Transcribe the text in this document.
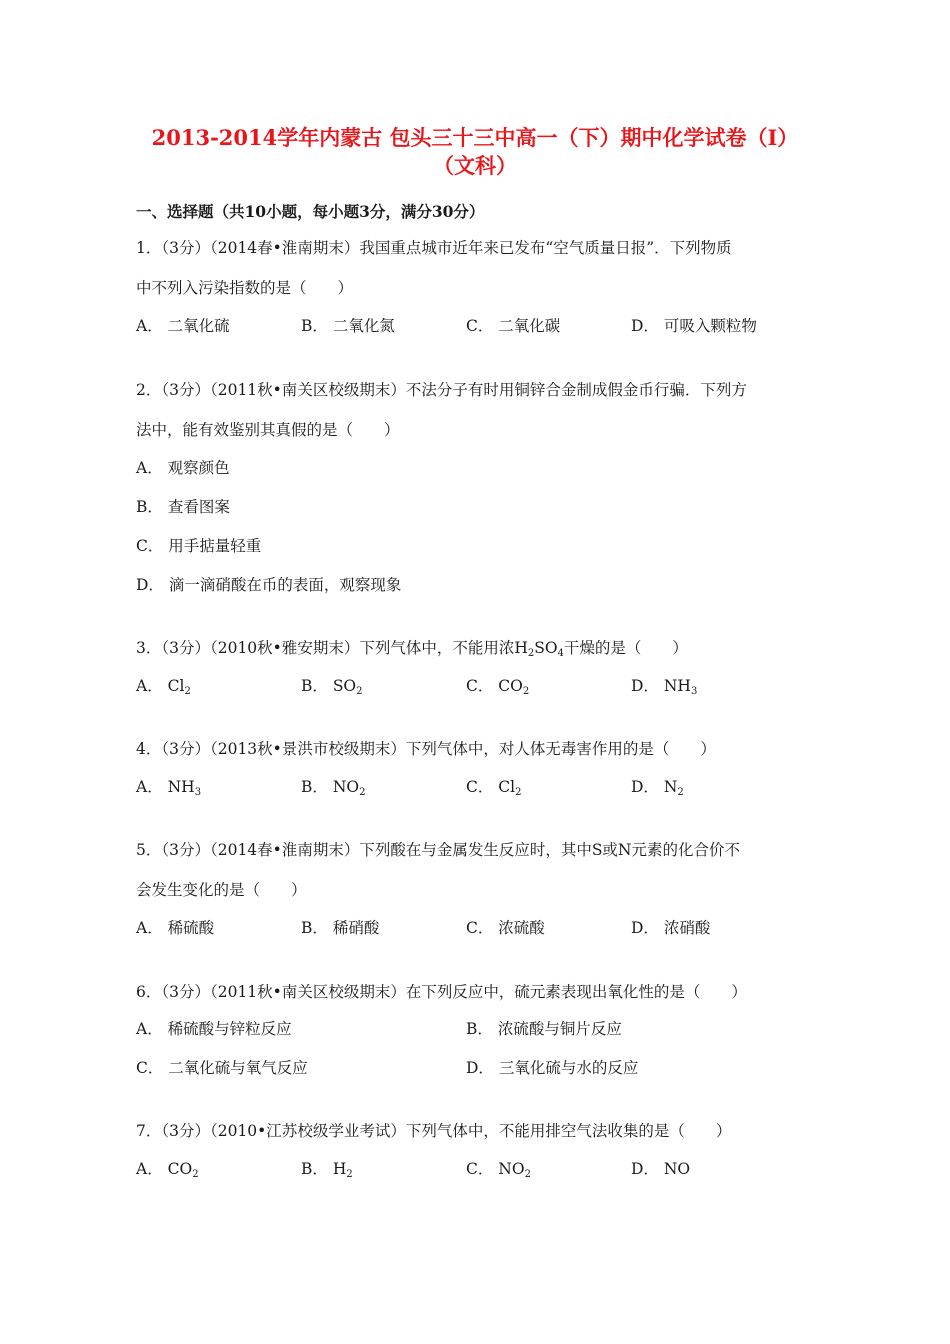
2013-2014学年内蒙古 包头三十三中高一（下）期中化学试卷（Ⅰ）
（文科）
一、选择题（共10小题，每小题3分，满分30分）
1．（3分）（2014春•淮南期末）我国重点城市近年来已发布“空气质量日报”．下列物质
中不列入污染指数的是（　　）
A． 二氧化硫	B． 二氧化氮	C． 二氧化碳	D． 可吸入颗粒物
2．（3分）（2011秋•南关区校级期末）不法分子有时用铜锌合金制成假金币行骗．下列方
法中，能有效鉴别其真假的是（　　）
A． 观察颜色
B． 查看图案
C． 用手掂量轻重
D． 滴一滴硝酸在币的表面，观察现象
3．（3分）（2010秋•雅安期末）下列气体中，不能用浓$H_2SO_4$干燥的是（　　）
A． $Cl_2$	B． $SO_2$	C． $CO_2$	D． $NH_3$
4．（3分）（2013秋•景洪市校级期末）下列气体中，对人体无毒害作用的是（　　）
A． $NH_3$	B． $NO_2$	C． $Cl_2$	D． $N_2$
5．（3分）（2014春•淮南期末）下列酸在与金属发生反应时，其中S或N元素的化合价不
会发生变化的是（　　）
A． 稀硫酸	B． 稀硝酸	C． 浓硫酸	D． 浓硝酸
6．（3分）（2011秋•南关区校级期末）在下列反应中，硫元素表现出氧化性的是（　　）
A． 稀硫酸与锌粒反应	B． 浓硫酸与铜片反应
C． 二氧化硫与氧气反应	D． 三氧化硫与水的反应
7．（3分）（2010•江苏校级学业考试）下列气体中，不能用排空气法收集的是（　　）
A． $CO_2$	B． $H_2$	C． $NO_2$	D． NO
